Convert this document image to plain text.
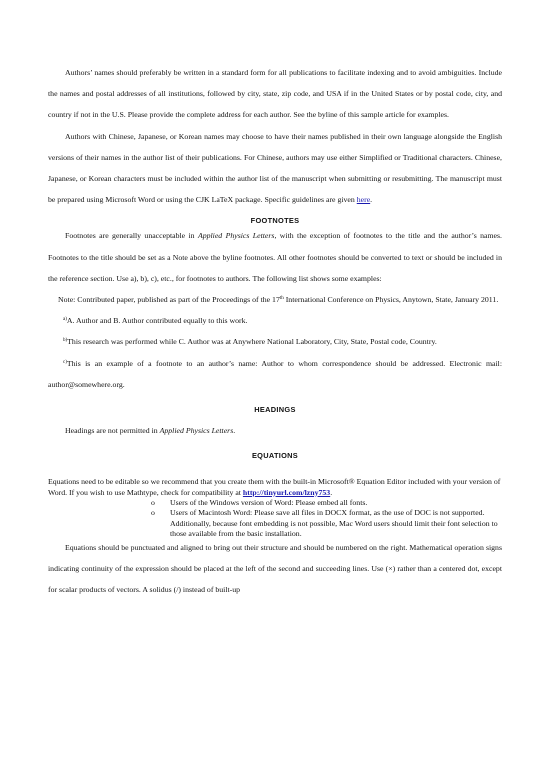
Authors’ names should preferably be written in a standard form for all publications to facilitate indexing and to avoid ambiguities. Include the names and postal addresses of all institutions, followed by city, state, zip code, and USA if in the United States or by postal code, city, and country if not in the U.S. Please provide the complete address for each author. See the byline of this sample article for examples.

Authors with Chinese, Japanese, or Korean names may choose to have their names published in their own language alongside the English versions of their names in the author list of their publications. For Chinese, authors may use either Simplified or Traditional characters. Chinese, Japanese, or Korean characters must be included within the author list of the manuscript when submitting or resubmitting. The manuscript must be prepared using Microsoft Word or using the CJK LaTeX package. Specific guidelines are given here.

FOOTNOTES

Footnotes are generally unacceptable in Applied Physics Letters, with the exception of footnotes to the title and the author’s names. Footnotes to the title should be set as a Note above the byline footnotes. All other footnotes should be converted to text or should be included in the reference section. Use a), b), c), etc., for footnotes to authors. The following list shows some examples:

Note: Contributed paper, published as part of the Proceedings of the 17th International Conference on Physics, Anytown, State, January 2011.

$^{a)}$A. Author and B. Author contributed equally to this work.

$^{b)}$This research was performed while C. Author was at Anywhere National Laboratory, City, State, Postal code, Country.

$^{c)}$This is an example of a footnote to an author’s name: Author to whom correspondence should be addressed. Electronic mail: author@somewhere.org.

HEADINGS

Headings are not permitted in Applied Physics Letters.

EQUATIONS

Equations need to be editable so we recommend that you create them with the built-in Microsoft® Equation Editor included with your version of Word. If you wish to use Mathtype, check for compatibility at http://tinyurl.com/lzny753.

o Users of the Windows version of Word: Please embed all fonts.
o Users of Macintosh Word: Please save all files in DOCX format, as the use of DOC is not supported. Additionally, because font embedding is not possible, Mac Word users should limit their font selection to those available from the basic installation.

Equations should be punctuated and aligned to bring out their structure and should be numbered on the right. Mathematical operation signs indicating continuity of the expression should be placed at the left of the second and succeeding lines. Use (×) rather than a centered dot, except for scalar products of vectors. A solidus (/) instead of built-up
